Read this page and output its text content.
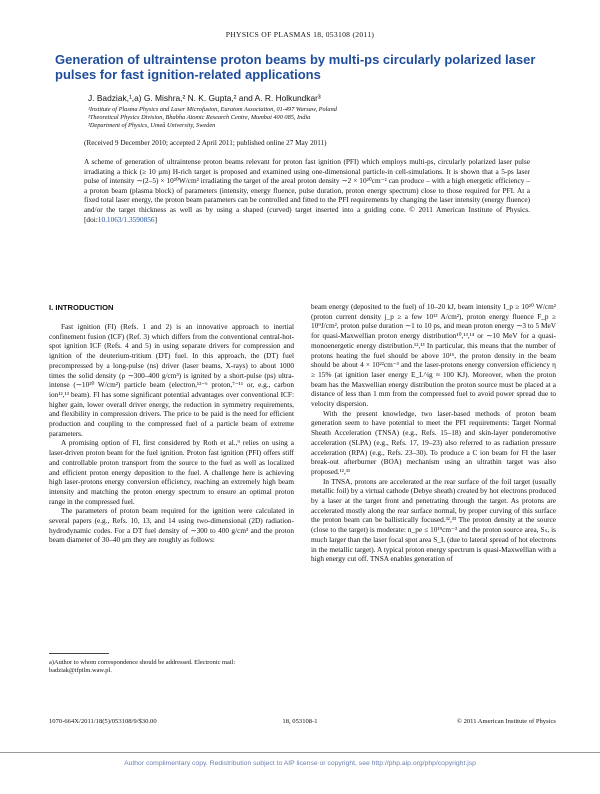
PHYSICS OF PLASMAS 18, 053108 (2011)
Generation of ultraintense proton beams by multi-ps circularly polarized laser pulses for fast ignition-related applications
J. Badziak,¹,a) G. Mishra,² N. K. Gupta,² and A. R. Holkundkar³
¹Institute of Plasma Physics and Laser Microfusion, Euratom Association, 01-497 Warsaw, Poland
²Theoretical Physics Division, Bhabha Atomic Research Centre, Mumbai 400 085, India
³Department of Physics, Umeå University, Sweden
(Received 9 December 2010; accepted 2 April 2011; published online 27 May 2011)
A scheme of generation of ultraintense proton beams relevant for proton fast ignition (PFI) which employs multi-ps, circularly polarized laser pulse irradiating a thick (≥ 10 μm) H-rich target is proposed and examined using one-dimensional particle-in cell-simulations. It is shown that a 5-ps laser pulse of intensity ∼(2–5) × 10²⁰W/cm² irradiating the target of the areal proton density ∼2 × 10²⁰cm⁻² can produce – with a high energetic efficiency – a proton beam (plasma block) of parameters (intensity, energy fluence, pulse duration, proton energy spectrum) close to those required for PFI. At a fixed total laser energy, the proton beam parameters can be controlled and fitted to the PFI requirements by changing the laser intensity (energy fluence) and/or the target thickness as well as by using a shaped (curved) target inserted into a guiding cone. © 2011 American Institute of Physics. [doi:10.1063/1.3590856]
I. INTRODUCTION

Fast ignition (FI) (Refs. 1 and 2) is an innovative approach to inertial confinement fusion (ICF) (Ref. 3) which differs from the conventional central-hot-spot ignition ICF (Refs. 4 and 5) in using separate drivers for compression and ignition of the deuterium-tritium (DT) fuel. In this approach, the (DT) fuel precompressed by a long-pulse (ns) driver (laser beams, X-rays) to about 1000 times the solid density (ρ ∼300–400 g/cm³) is ignited by a short-pulse (ps) ultra-intense (∼10²⁰ W/cm²) particle beam (electron,¹²⁻⁶ proton,⁷⁻¹¹ or, e.g., carbon ion¹²,¹³ beam). FI has some significant potential advantages over conventional ICF: higher gain, lower overall driver energy, the reduction in symmetry requirements, and flexibility in compression drivers. The price to be paid is the need for efficient production and coupling to the compressed fuel of a particle beam of extreme parameters.

A promising option of FI, first considered by Roth et al.,⁹ relies on using a laser-driven proton beam for the fuel ignition. Proton fast ignition (PFI) offers stiff and controllable proton transport from the source to the fuel as well as localized and efficient proton energy deposition to the fuel. A challenge here is achieving high laser-protons energy conversion efficiency, reaching an extremely high beam intensity and matching the proton energy spectrum to ensure an optimal proton range in the compressed fuel.

The parameters of proton beam required for the ignition were calculated in several papers (e.g., Refs. 10, 13, and 14 using two-dimensional (2D) radiation-hydrodynamic codes. For a DT fuel density of ∼300 to 400 g/cm³ and the proton beam diameter of 30–40 μm they are roughly as follows:

beam energy (deposited to the fuel) of 10–20 kJ, beam intensity I_p ≥ 10²⁰ W/cm² (proton current density j_p ≥ a few 10¹³ A/cm²), proton energy fluence F_p ≥ 10⁹J/cm², proton pulse duration ∼1 to 10 ps, and mean proton energy ∼3 to 5 MeV for quasi-Maxwellian proton energy distribution¹⁰,¹³,¹⁴ or ∼10 MeV for a quasi-monoenergetic energy distribution.¹²,¹³ In particular, this means that the number of protons heating the fuel should be above 10¹⁶, the proton density in the beam should be about 4 × 10²²cm⁻³ and the laser-protons energy conversion efficiency η ≥ 15% (at ignition laser energy E_L^ig ≈ 100 KJ). Moreover, when the proton beam has the Maxwellian energy distribution the proton source must be placed at a distance of less than 1 mm from the compressed fuel to avoid power spread due to velocity dispersion.

With the present knowledge, two laser-based methods of proton beam generation seem to have potential to meet the PFI requirements: Target Normal Sheath Acceleration (TNSA) (e.g., Refs. 15–18) and skin-layer ponderomotive acceleration (SLPA) (e.g., Refs. 17, 19–23) also referred to as radiation pressure acceleration (RPA) (e.g., Refs. 23–30). To produce a C ion beam for FI the laser break-out afterburner (BOA) mechanism using an ultrathin target was also proposed.¹²,³¹

In TNSA, protons are accelerated at the rear surface of the foil target (usually metallic foil) by a virtual cathode (Debye sheath) created by hot electrons produced by a laser at the target front and penetrating through the target. As protons are accelerated mostly along the rear surface normal, by proper curving of this surface the proton beam can be ballistically focused.³²,³³ The proton density at the source (close to the target) is moderate: n_pe ≤ 10¹⁹cm⁻³ and the proton source area, Sₛ, is much larger than the laser focal spot area S_L (due to lateral spread of hot electrons in the metallic target). A typical proton energy spectrum is quasi-Maxwellian with a high energy cut off. TNSA enables generation of

a)Author to whom correspondence should be addressed. Electronic mail: badziak@ifpilm.waw.pl.
1070-664X/2011/18(5)/053108/9/$30.00	18, 053108-1	© 2011 American Institute of Physics
Author complimentary copy. Redistribution subject to AIP license or copyright, see http://php.aip.org/php/copyright.jsp
